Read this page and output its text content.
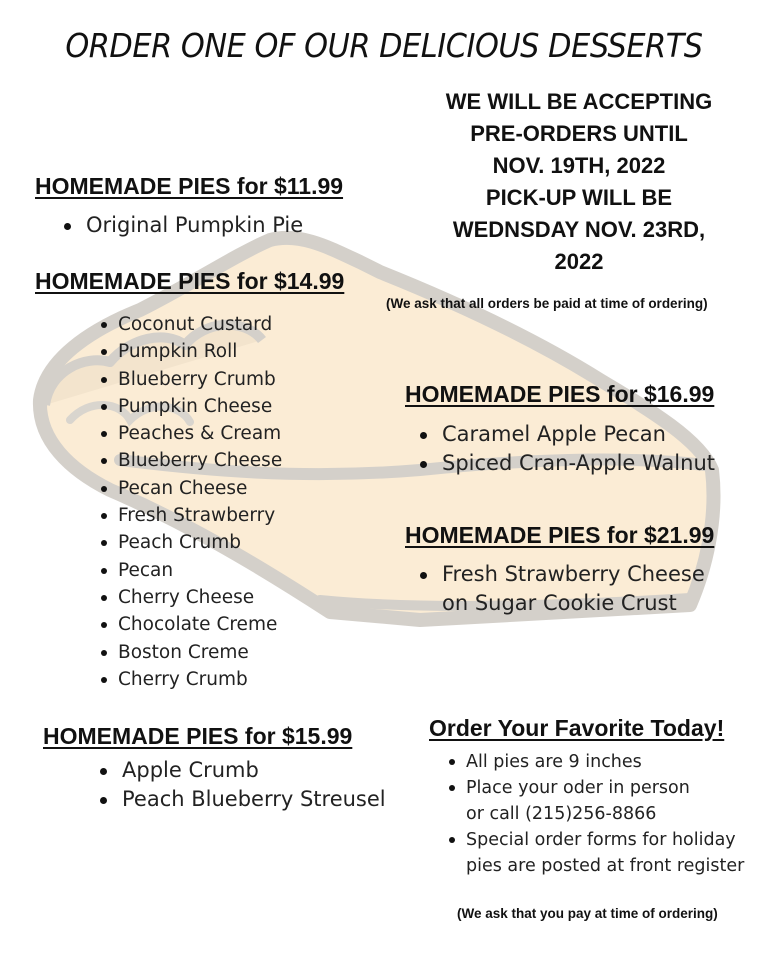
ORDER ONE OF OUR DELICIOUS DESSERTS
WE WILL BE ACCEPTING
PRE-ORDERS UNTIL
NOV. 19TH, 2022
PICK-UP WILL BE
WEDNSDAY NOV. 23RD,
2022
(We ask that all orders be paid at time of ordering)
HOMEMADE PIES for $11.99
Original Pumpkin Pie
HOMEMADE PIES for $14.99
Coconut Custard
Pumpkin Roll
Blueberry Crumb
Pumpkin Cheese
Peaches & Cream
Blueberry Cheese
Pecan Cheese
Fresh Strawberry
Peach Crumb
Pecan
Cherry Cheese
Chocolate Creme
Boston Creme
Cherry Crumb
HOMEMADE PIES for $16.99
Caramel Apple Pecan
Spiced Cran-Apple Walnut
HOMEMADE PIES for $21.99
Fresh Strawberry Cheese on Sugar Cookie Crust
HOMEMADE PIES for $15.99
Apple Crumb
Peach Blueberry Streusel
Order Your Favorite Today!
All pies are 9 inches
Place your oder in person or call (215)256-8866
Special order forms for holiday pies are posted at front register
(We ask that you pay at time of ordering)
